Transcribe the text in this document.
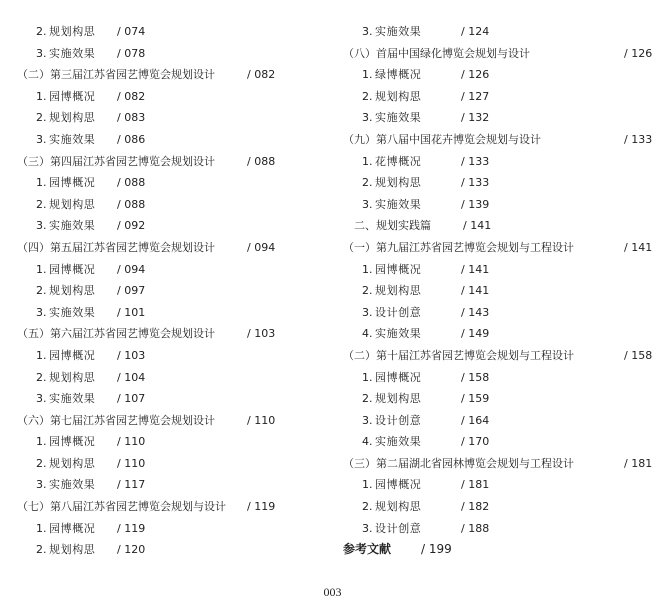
2. 规划构思 / 074
3. 实施效果 / 078
（二）第三届江苏省园艺博览会规划设计	/ 082
1. 园博概况 / 082
2. 规划构思 / 083
3. 实施效果 / 086
（三）第四届江苏省园艺博览会规划设计	/ 088
1. 园博概况 / 088
2. 规划构思 / 088
3. 实施效果 / 092
（四）第五届江苏省园艺博览会规划设计	/ 094
1. 园博概况 / 094
2. 规划构思 / 097
3. 实施效果 / 101
（五）第六届江苏省园艺博览会规划设计	/ 103
1. 园博概况 / 103
2. 规划构思 / 104
3. 实施效果 / 107
（六）第七届江苏省园艺博览会规划设计	/ 110
1. 园博概况 / 110
2. 规划构思 / 110
3. 实施效果 / 117
（七）第八届江苏省园艺博览会规划与设计 / 119
1. 园博概况 / 119
2. 规划构思 / 120
3. 实施效果	/ 124
（八）首届中国绿化博览会规划与设计	/ 126
1. 绿博概况	/ 126
2. 规划构思	/ 127
3. 实施效果	/ 132
（九）第八届中国花卉博览会规划与设计	/ 133
1. 花博概况	/ 133
2. 规划构思	/ 133
3. 实施效果	/ 139
二、规划实践篇	/ 141
（一）第九届江苏省园艺博览会规划与工程设计	/ 141
1. 园博概况	/ 141
2. 规划构思	/ 141
3. 设计创意	/ 143
4. 实施效果	/ 149
（二）第十届江苏省园艺博览会规划与工程设计	/ 158
1. 园博概况	/ 158
2. 规划构思	/ 159
3. 设计创意	/ 164
4. 实施效果	/ 170
（三）第二届湖北省园林博览会规划与工程设计	/ 181
1. 园博概况	/ 181
2. 规划构思	/ 182
3. 设计创意	/ 188
参考文献 / 199
003
